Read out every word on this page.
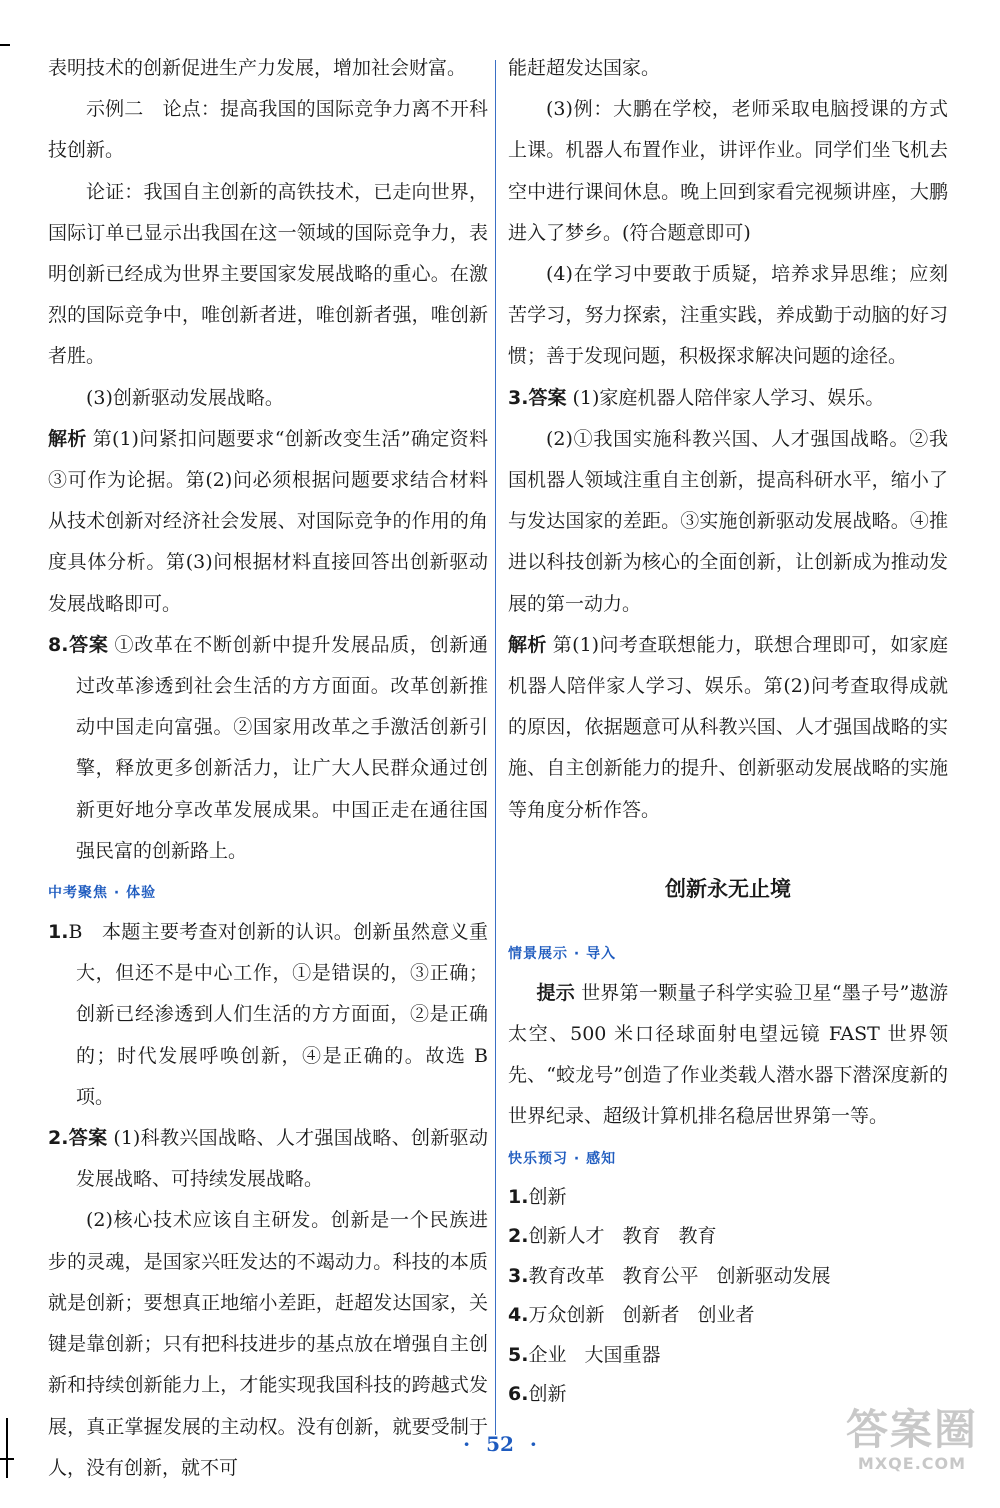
表明技术的创新促进生产力发展，增加社会财富。

示例二　论点：提高我国的国际竞争力离不开科技创新。

论证：我国自主创新的高铁技术，已走向世界，国际订单已显示出我国在这一领域的国际竞争力，表明创新已经成为世界主要国家发展战略的重心。在激烈的国际竞争中，唯创新者进，唯创新者强，唯创新者胜。

(3)创新驱动发展战略。

解析 第(1)问紧扣问题要求“创新改变生活”确定资料③可作为论据。第(2)问必须根据问题要求结合材料从技术创新对经济社会发展、对国际竞争的作用的角度具体分析。第(3)问根据材料直接回答出创新驱动发展战略即可。

8.答案 ①改革在不断创新中提升发展品质，创新通过改革渗透到社会生活的方方面面。改革创新推动中国走向富强。②国家用改革之手激活创新引擎，释放更多创新活力，让广大人民群众通过创新更好地分享改革发展成果。中国正走在通往国强民富的创新路上。

中考聚焦 · 体验

1.B　本题主要考查对创新的认识。创新虽然意义重大，但还不是中心工作，①是错误的，③正确；创新已经渗透到人们生活的方方面面，②是正确的；时代发展呼唤创新，④是正确的。故选 B 项。

2.答案 (1)科教兴国战略、人才强国战略、创新驱动发展战略、可持续发展战略。

(2)核心技术应该自主研发。创新是一个民族进步的灵魂，是国家兴旺发达的不竭动力。科技的本质就是创新；要想真正地缩小差距，赶超发达国家，关键是靠创新；只有把科技进步的基点放在增强自主创新和持续创新能力上，才能实现我国科技的跨越式发展，真正掌握发展的主动权。没有创新，就要受制于人，没有创新，就不可

能赶超发达国家。

(3)例：大鹏在学校，老师采取电脑授课的方式上课。机器人布置作业，讲评作业。同学们坐飞机去空中进行课间休息。晚上回到家看完视频讲座，大鹏进入了梦乡。(符合题意即可)

(4)在学习中要敢于质疑，培养求异思维；应刻苦学习，努力探索，注重实践，养成勤于动脑的好习惯；善于发现问题，积极探求解决问题的途径。

3.答案 (1)家庭机器人陪伴家人学习、娱乐。

(2)①我国实施科教兴国、人才强国战略。②我国机器人领域注重自主创新，提高科研水平，缩小了与发达国家的差距。③实施创新驱动发展战略。④推进以科技创新为核心的全面创新，让创新成为推动发展的第一动力。

解析 第(1)问考查联想能力，联想合理即可，如家庭机器人陪伴家人学习、娱乐。第(2)问考查取得成就的原因，依据题意可从科教兴国、人才强国战略的实施、自主创新能力的提升、创新驱动发展战略的实施等角度分析作答。

创新永无止境
情景展示 · 导入

提示 世界第一颗量子科学实验卫星“墨子号”遨游太空、500 米口径球面射电望远镜 FAST 世界领先、“蛟龙号”创造了作业类载人潜水器下潜深度新的世界纪录、超级计算机排名稳居世界第一等。

快乐预习 · 感知

1.创新

2.创新人才 教育 教育

3.教育改革 教育公平 创新驱动发展

4.万众创新 创新者 创业者

5.企业 大国重器

6.创新

· 52 ·	答案圈
MXQE.COM
